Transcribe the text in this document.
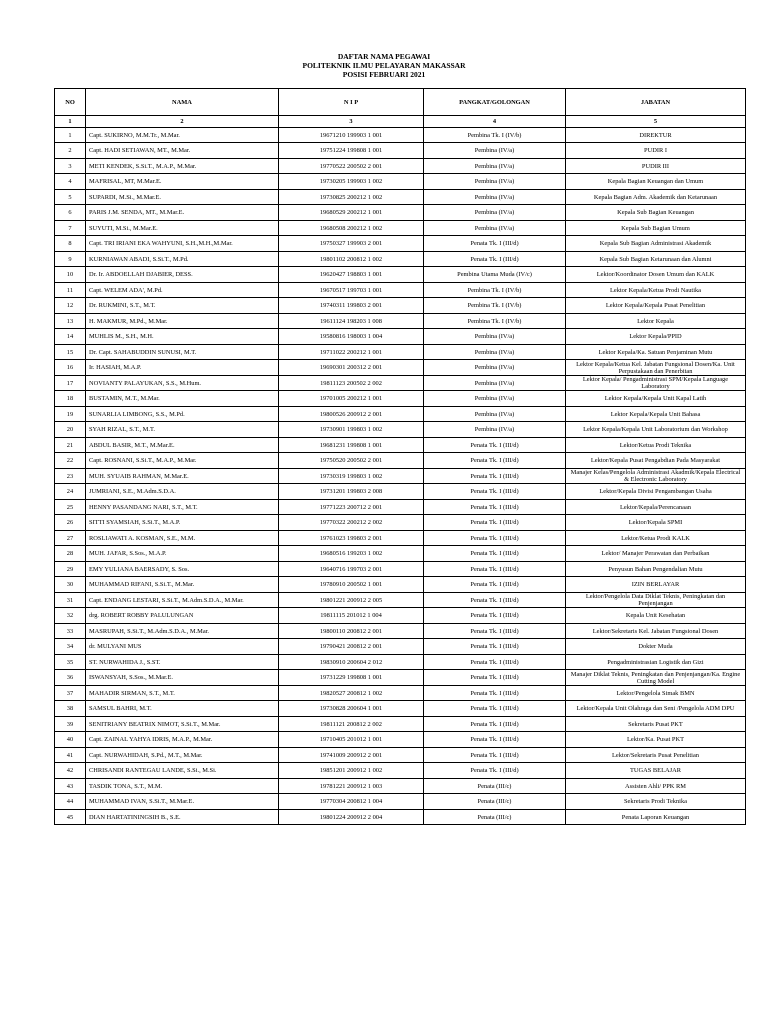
DAFTAR NAMA PEGAWAI
POLITEKNIK ILMU PELAYARAN MAKASSAR
POSISI FEBRUARI 2021
NO	NAMA	N I P	PANGKAT/GOLONGAN	JABATAN
1	2	3	4	5
1	Capt. SUKIRNO, M.M.Tr., M.Mar.	19671210 199903 1 001	Pembina Tk. I (IV/b)	DIREKTUR
2	Capt. HADI SETIAWAN, MT., M.Mar.	19751224 199808 1 001	Pembina (IV/a)	PUDIR I
3	METI KENDEK, S.Si.T., M.A.P., M.Mar.	19770522 200502 2 001	Pembina (IV/a)	PUDIR III
4	MAFRISAL, MT, M.Mar.E.	19730205 199903 1 002	Pembina (IV/a)	Kepala Bagian Keuangan dan Umum
5	SUPARDI, M.Si., M.Mar.E.	19730825 200212 1 002	Pembina (IV/a)	Kepala Bagian Adm. Akademik dan Ketarunaan
6	PARIS J.M. SENDA, MT., M.Mar.E.	19680529 200212 1 001	Pembina (IV/a)	Kepala Sub Bagian Keuangan
7	SUYUTI, M.Si., M.Mar.E.	19680508 200212 1 002	Pembina (IV/a)	Kepala Sub Bagian Umum
8	Capt. TRI IRIANI EKA WAHYUNI, S.H.,M.H.,M.Mar.	19750327 199903 2 001	Penata Tk. I (III/d)	Kepala Sub Bagian Administrasi Akademik
9	KURNIAWAN ABADI, S.Si.T., M.Pd.	19801102 200812 1 002	Penata Tk. I (III/d)	Kepala Sub Bagian Ketarunaan dan Alumni
10	Dr. Ir. ABDOELLAH DJABIER, DESS.	19620427 198803 1 001	Pembina Utama Muda (IV/c)	Lektor/Koordinator Dosen Umum dan KALK
11	Capt. WELEM ADA', M.Pd.	19670517 199703 1 001	Pembina Tk. I (IV/b)	Lektor Kepala/Ketua Prodi Nautika
12	Dr. RUKMINI, S.T., M.T.	19740311 199803 2 001	Pembina Tk. I (IV/b)	Lektor Kepala/Kepala Pusat Penelitian
13	H. MAKMUR, M.Pd., M.Mar.	19611124 198203 1 008	Pembina Tk. I (IV/b)	Lektor Kepala
14	MUHLIS M., S.H., M.H.	19580816 198003 1 004	Pembina (IV/a)	Lektor Kepala/PPID
15	Dr. Capt. SAHABUDDIN SUNUSI, M.T.	19711022 200212 1 001	Pembina (IV/a)	Lektor Kepala/Ka. Satuan Penjaminan Mutu
16	Ir. HASIAH, M.A.P.	19690301 200312 2 001	Pembina (IV/a)	Lektor Kepala/Ketua Kel. Jabatan Fungsional Dosen/Ka. Unit Perpustakaan dan Penerbitan
17	NOVIANTY PALAYUKAN, S.S., M.Hum.	19811123 200502 2 002	Pembina (IV/a)	Lektor Kepala/ Pengadministrasi SPM/Kepala Language Laboratory
18	BUSTAMIN, M.T., M.Mar.	19701005 200212 1 001	Pembina (IV/a)	Lektor Kepala/Kepala Unit Kapal Latih
19	SUNARLIA LIMBONG, S.S., M.Pd.	19800526 200912 2 001	Pembina (IV/a)	Lektor Kepala/Kepala Unit Bahasa
20	SYAH RIZAL, S.T., M.T.	19730901 199803 1 002	Pembina (IV/a)	Lektor Kepala/Kepala Unit Laboratorium dan Workshop
21	ABDUL BASIR, M.T., M.Mar.E.	19681231 199808 1 001	Penata Tk. I (III/d)	Lektor/Ketua Prodi Teknika
22	Capt. ROSNANI, S.Si.T., M.A.P., M.Mar.	19750520 200502 2 001	Penata Tk. I (III/d)	Lektor/Kepala Pusat Pengabdian Pada Masyarakat
23	MUH. SYUAIB RAHMAN, M.Mar.E.	19730319 199803 1 002	Penata Tk. I (III/d)	Manajer Kelas/Pengelola Administrasi Akadmik/Kepala Electrical & Electronic Laboratory
24	JUMRIANI, S.E., M.Adm.S.D.A.	19731201 199803 2 008	Penata Tk. I (III/d)	Lektor/Kepala Divisi Pengambangan Usaha
25	HENNY PASANDANG NARI, S.T., M.T.	19771223 200712 2 001	Penata Tk. I (III/d)	Lektor/Kepala/Perencanaan
26	SITTI SYAMSIAH, S.Si.T., M.A.P.	19770322 200212 2 002	Penata Tk. I (III/d)	Lektor/Kepala SPMI
27	ROSLIAWATI A. KOSMAN, S.E., M.M.	19761023 199803 2 001	Penata Tk. I (III/d)	Lektor/Ketua Prodi KALK
28	MUH. JAFAR, S.Sos., M.A.P.	19680516 199203 1 002	Penata Tk. I (III/d)	Lektor/ Manajer Perawatan dan Perbaikan
29	EMY YULIANA BAERSADY, S. Sos.	19640716 199703 2 001	Penata Tk. I (III/d)	Penyusun Bahan Pengendalian Mutu
30	MUHAMMAD RIFANI, S.Si.T., M.Mar.	19780910 200502 1 001	Penata Tk. I (III/d)	IZIN BERLAYAR
31	Capt. ENDANG LESTARI, S.Si.T., M.Adm.S.D.A., M.Mar.	19801221 200912 2 005	Penata Tk. I (III/d)	Lektor/Pengelola Data Diklat Teknis, Peningkatan dan Penjenjangan
32	drg. ROBERT ROBBY PALULUNGAN	19811115 201012 1 004	Penata Tk. I (III/d)	Kepala Unit Kesehatan
33	MASRUPAH, S.Si.T., M.Adm.S.D.A., M.Mar.	19800110 200812 2 001	Penata Tk. I (III/d)	Lektor/Sekretaris Kel. Jabatan Fungsional Dosen
34	dr. MULYANI MUS	19790421 200812 2 001	Penata Tk. I (III/d)	Dokter Muda
35	ST. NURWAHIDA J., S.ST.	19830910 200604 2 012	Penata Tk. I (III/d)	Pengadministrasian Logistik dan Gizi
36	ISWANSYAH, S.Sos., M.Mar.E.	19731229 199808 1 001	Penata Tk. I (III/d)	Manajer Diklat Teknis, Peningkatan dan Penjenjangan/Ka. Engine Cutting Model
37	MAHADIR SIRMAN, S.T., M.T.	19820527 200812 1 002	Penata Tk. I (III/d)	Lektor/Pengelola Simak BMN
38	SAMSUL BAHRI, M.T.	19730828 200604 1 001	Penata Tk. I (III/d)	Lektor/Kepala Unit Olahraga dan Seni /Pengelola ADM DPU
39	SENITRIANY BEATRIX NIMOT, S.Si.T., M.Mar.	19811121 200812 2 002	Penata Tk. I (III/d)	Sekretaris Pusat PKT
40	Capt. ZAINAL YAHYA IDRIS, M.A.P., M.Mar.	19710405 201012 1 001	Penata Tk. I (III/d)	Lektor/Ka. Pusat PKT
41	Capt. NURWAHIDAH, S.Pd., M.T., M.Mar.	19741009 200912 2 001	Penata Tk. I (III/d)	Lektor/Sekretaris Pusat Penelitian
42	CHRISANDI RANTEGAU LANDE, S.Si., M.Si.	19851201 200912 1 002	Penata Tk. I (III/d)	TUGAS BELAJAR
43	TASDIK TONA, S.T., M.M.	19781221 200912 1 003	Penata (III/c)	Assisten Ahli/ PPK RM
44	MUHAMMAD IVAN, S.Si.T., M.Mar.E.	19770304 200812 1 004	Penata (III/c)	Sekretaris Prodi Teknika
45	DIAN HARTATININGSIH B., S.E.	19801224 200912 2 004	Penata (III/c)	Penata Laporan Keuangan
